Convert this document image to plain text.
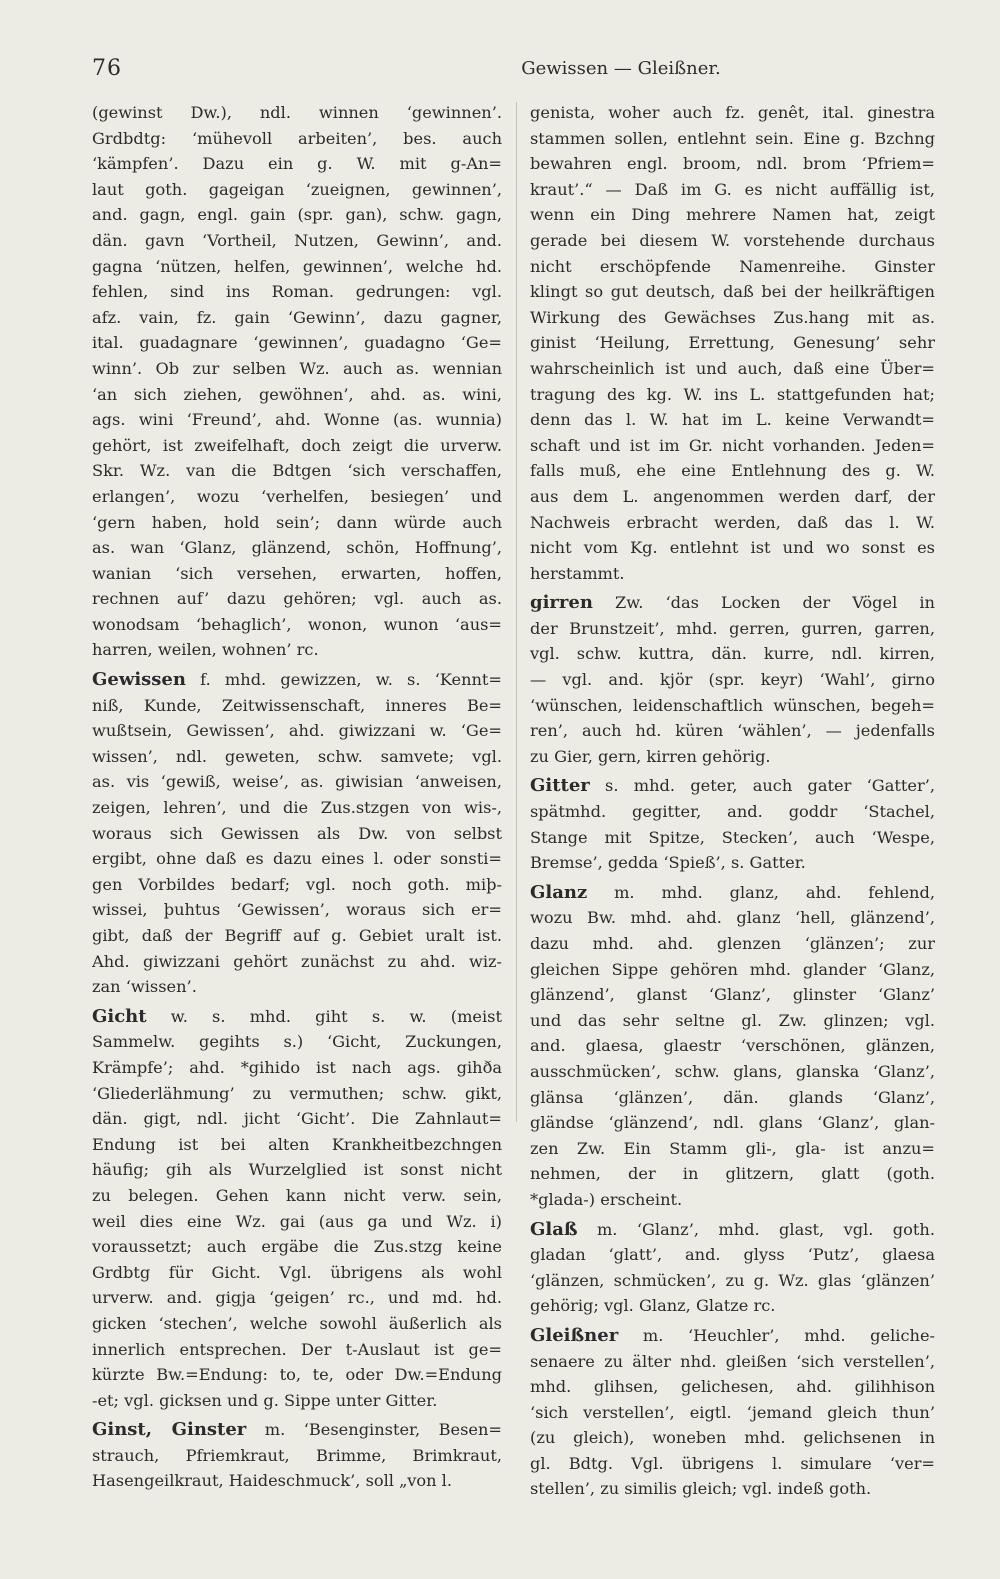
76	Gewissen — Gleißner.
(gewinst Dw.), ndl. winnen ‘gewinnen’.
Grdbdtg: ‘mühevoll arbeiten’, bes. auch
‘kämpfen’. Dazu ein g. W. mit g-An=
laut goth. gageigan ‘zueignen, gewinnen’,
and. gagn, engl. gain (spr. gan), schw. gagn,
dän. gavn ‘Vortheil, Nutzen, Gewinn’, and.
gagna ‘nützen, helfen, gewinnen’, welche hd.
fehlen, sind ins Roman. gedrungen: vgl.
afz. vain, fz. gain ‘Gewinn’, dazu gagner,
ital. guadagnare ‘gewinnen’, guadagno ‘Ge=
winn’. Ob zur selben Wz. auch as. wennian
‘an sich ziehen, gewöhnen’, ahd. as. wini,
ags. wini ‘Freund’, ahd. Wonne (as. wunnia)
gehört, ist zweifelhaft, doch zeigt die urverw.
Skr. Wz. van die Bdtgen ‘sich verschaffen,
erlangen’, wozu ‘verhelfen, besiegen’ und
‘gern haben, hold sein’; dann würde auch
as. wan ‘Glanz, glänzend, schön, Hoffnung’,
wanian ‘sich versehen, erwarten, hoffen,
rechnen auf’ dazu gehören; vgl. auch as.
wonodsam ‘behaglich’, wonon, wunon ‘aus=
harren, weilen, wohnen’ rc.
Gewissen f. mhd. gewizzen, w. s. ‘Kennt=
niß, Kunde, Zeitwissenschaft, inneres Be=
wußtsein, Gewissen’, ahd. giwizzani w. ‘Ge=
wissen’, ndl. geweten, schw. samvete; vgl.
as. vis ‘gewiß, weise’, as. giwisian ‘anweisen,
zeigen, lehren’, und die Zus.stzgen von wis-,
woraus sich Gewissen als Dw. von selbst
ergibt, ohne daß es dazu eines l. oder sonsti=
gen Vorbildes bedarf; vgl. noch goth. miþ-
wissei, þuhtus ‘Gewissen’, woraus sich er=
gibt, daß der Begriff auf g. Gebiet uralt ist.
Ahd. giwizzani gehört zunächst zu ahd. wiz-
zan ‘wissen’.
Gicht w. s. mhd. giht s. w. (meist
Sammelw. gegihts s.) ‘Gicht, Zuckungen,
Krämpfe’; ahd. *gihido ist nach ags. gihða
‘Gliederlähmung’ zu vermuthen; schw. gikt,
dän. gigt, ndl. jicht ‘Gicht’. Die Zahnlaut=
Endung ist bei alten Krankheitbezchngen
häufig; gih als Wurzelglied ist sonst nicht
zu belegen. Gehen kann nicht verw. sein,
weil dies eine Wz. gai (aus ga und Wz. i)
voraussetzt; auch ergäbe die Zus.stzg keine
Grdbtg für Gicht. Vgl. übrigens als wohl
urverw. and. gigja ‘geigen’ rc., und md. hd.
gicken ‘stechen’, welche sowohl äußerlich als
innerlich entsprechen. Der t-Auslaut ist ge=
kürzte Bw.=Endung: to, te, oder Dw.=Endung
-et; vgl. gicksen und g. Sippe unter Gitter.
Ginst, Ginster m. ‘Besenginster, Besen=
strauch, Pfriemkraut, Brimme, Brimkraut,
Hasengeilkraut, Haideschmuck’, soll „von l.
genista, woher auch fz. genêt, ital. ginestra
stammen sollen, entlehnt sein. Eine g. Bzchng
bewahren engl. broom, ndl. brom ‘Pfriem=
kraut’.“ — Daß im G. es nicht auffällig ist,
wenn ein Ding mehrere Namen hat, zeigt
gerade bei diesem W. vorstehende durchaus
nicht erschöpfende Namenreihe. Ginster
klingt so gut deutsch, daß bei der heilkräftigen
Wirkung des Gewächses Zus.hang mit as.
ginist ‘Heilung, Errettung, Genesung’ sehr
wahrscheinlich ist und auch, daß eine Über=
tragung des kg. W. ins L. stattgefunden hat;
denn das l. W. hat im L. keine Verwandt=
schaft und ist im Gr. nicht vorhanden. Jeden=
falls muß, ehe eine Entlehnung des g. W.
aus dem L. angenommen werden darf, der
Nachweis erbracht werden, daß das l. W.
nicht vom Kg. entlehnt ist und wo sonst es
herstammt.
girren Zw. ‘das Locken der Vögel in
der Brunstzeit’, mhd. gerren, gurren, garren,
vgl. schw. kuttra, dän. kurre, ndl. kirren,
— vgl. and. kjör (spr. keyr) ‘Wahl’, girno
‘wünschen, leidenschaftlich wünschen, begeh=
ren’, auch hd. küren ‘wählen’, — jedenfalls
zu Gier, gern, kirren gehörig.
Gitter s. mhd. geter, auch gater ‘Gatter’,
spätmhd. gegitter, and. goddr ‘Stachel,
Stange mit Spitze, Stecken’, auch ‘Wespe,
Bremse’, gedda ‘Spieß’, s. Gatter.
Glanz m. mhd. glanz, ahd. fehlend,
wozu Bw. mhd. ahd. glanz ‘hell, glänzend’,
dazu mhd. ahd. glenzen ‘glänzen’; zur
gleichen Sippe gehören mhd. glander ‘Glanz,
glänzend’, glanst ‘Glanz’, glinster ‘Glanz’
und das sehr seltne gl. Zw. glinzen; vgl.
and. glaesa, glaestr ‘verschönen, glänzen,
ausschmücken’, schw. glans, glanska ‘Glanz’,
glänsa ‘glänzen’, dän. glands ‘Glanz’,
gländse ‘glänzend’, ndl. glans ‘Glanz’, glan-
zen Zw. Ein Stamm gli-, gla- ist anzu=
nehmen, der in glitzern, glatt (goth.
*glada-) erscheint.
Glaß m. ‘Glanz’, mhd. glast, vgl. goth.
gladan ‘glatt’, and. glyss ‘Putz’, glaesa
‘glänzen, schmücken’, zu g. Wz. glas ‘glänzen’
gehörig; vgl. Glanz, Glatze rc.
Gleißner m. ‘Heuchler’, mhd. geliche-
senaere zu älter nhd. gleißen ‘sich verstellen’,
mhd. glihsen, gelichesen, ahd. gilihhison
‘sich verstellen’, eigtl. ‘jemand gleich thun’
(zu gleich), woneben mhd. gelichsenen in
gl. Bdtg. Vgl. übrigens l. simulare ‘ver=
stellen’, zu similis gleich; vgl. indeß goth.
